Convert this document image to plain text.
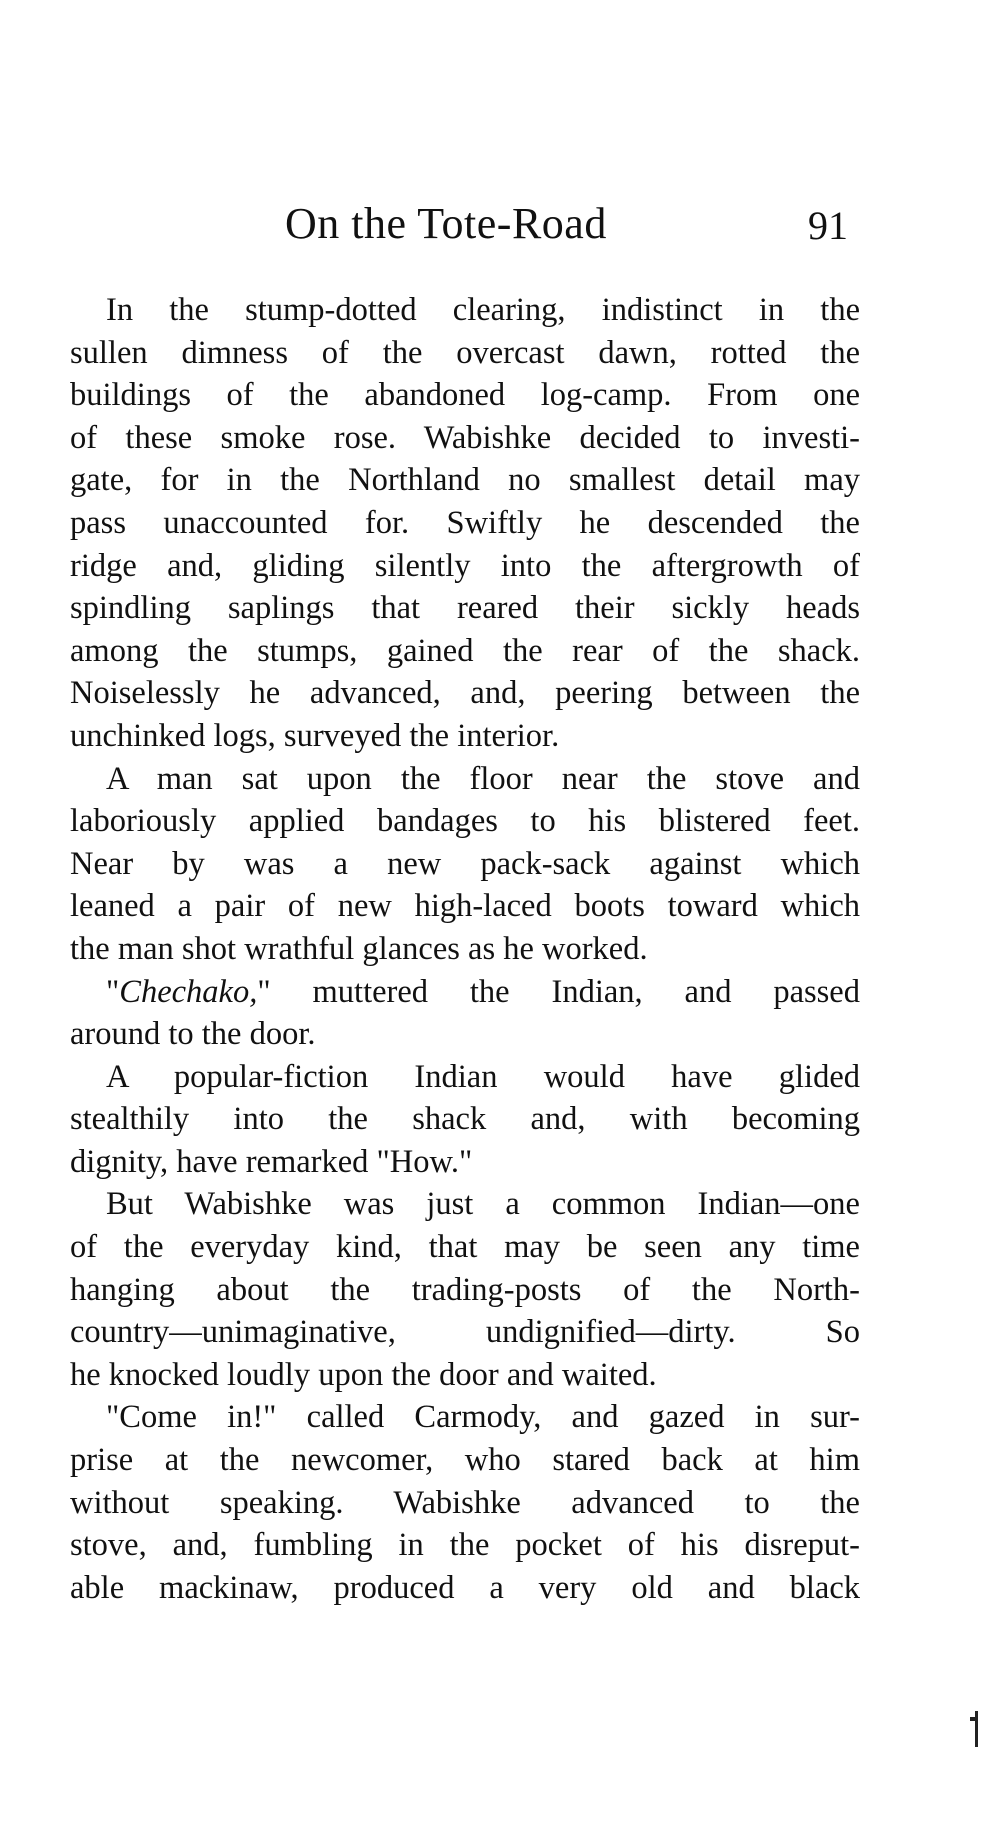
On the Tote-Road	91

In the stump-dotted clearing, indistinct in the
sullen dimness of the overcast dawn, rotted the
buildings of the abandoned log-camp. From one
of these smoke rose. Wabishke decided to investi-
gate, for in the Northland no smallest detail may
pass unaccounted for. Swiftly he descended the
ridge and, gliding silently into the aftergrowth of
spindling saplings that reared their sickly heads
among the stumps, gained the rear of the shack.
Noiselessly he advanced, and, peering between the
unchinked logs, surveyed the interior.

A man sat upon the floor near the stove and
laboriously applied bandages to his blistered feet.
Near by was a new pack-sack against which
leaned a pair of new high-laced boots toward which
the man shot wrathful glances as he worked.

"Chechako," muttered the Indian, and passed
around to the door.

A popular-fiction Indian would have glided
stealthily into the shack and, with becoming
dignity, have remarked "How."

But Wabishke was just a common Indian—one
of the everyday kind, that may be seen any time
hanging about the trading-posts of the North-
country—unimaginative, undignified—dirty. So
he knocked loudly upon the door and waited.

"Come in!" called Carmody, and gazed in sur-
prise at the newcomer, who stared back at him
without speaking. Wabishke advanced to the
stove, and, fumbling in the pocket of his disreput-
able mackinaw, produced a very old and black
